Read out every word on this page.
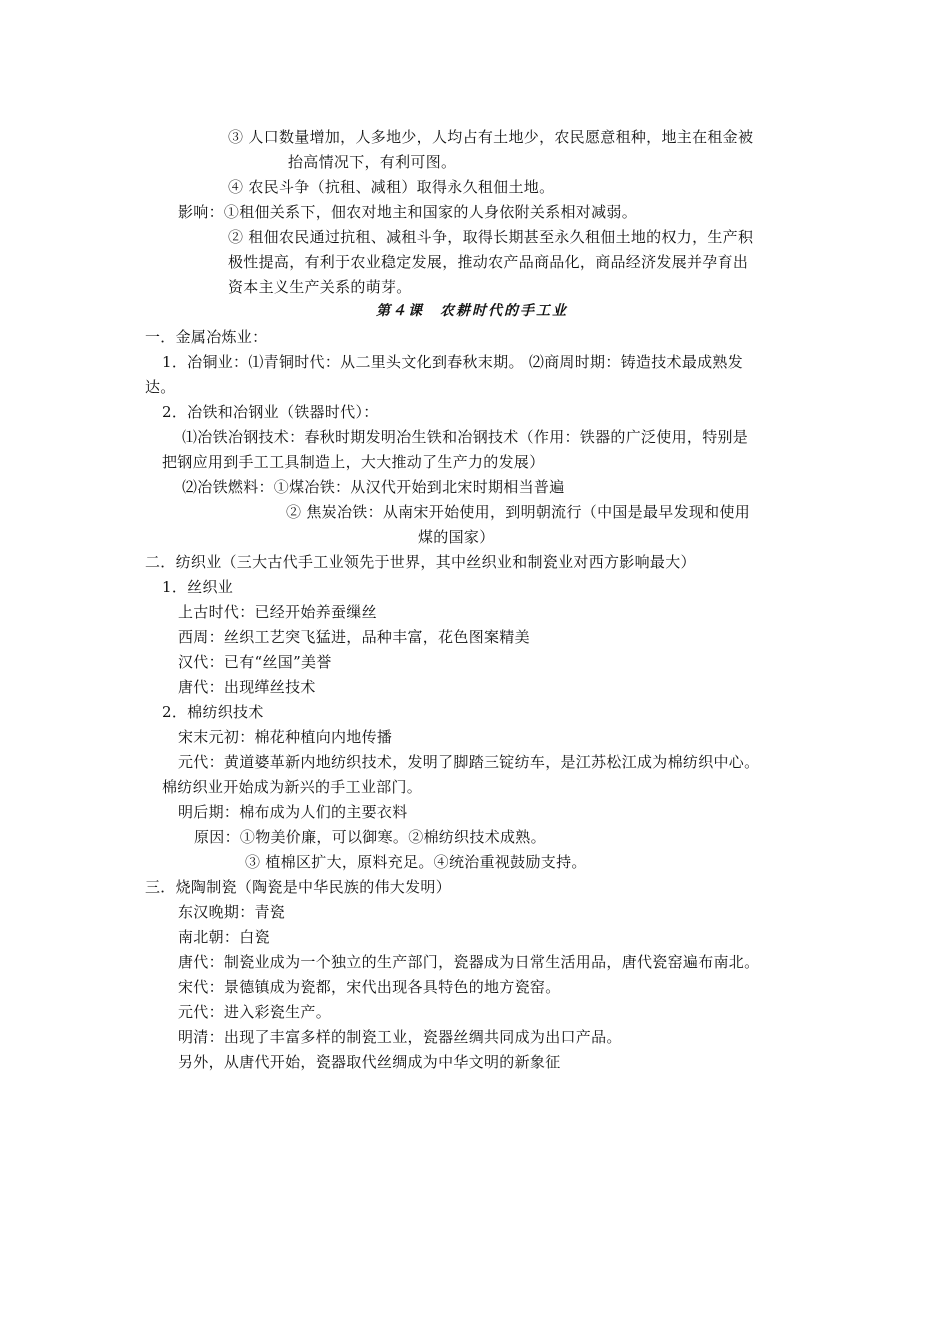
③ 人口数量增加，人多地少，人均占有土地少，农民愿意租种，地主在租金被
抬高情况下，有利可图。
④ 农民斗争（抗租、减租）取得永久租佃土地。
影响：①租佃关系下，佃农对地主和国家的人身依附关系相对减弱。
② 租佃农民通过抗租、减租斗争，取得长期甚至永久租佃土地的权力，生产积
极性提高，有利于农业稳定发展，推动农产品商品化，商品经济发展并孕育出
资本主义生产关系的萌芽。
第４课　农耕时代的手工业
一．金属冶炼业：
1．冶铜业：⑴青铜时代：从二里头文化到春秋末期。 ⑵商周时期：铸造技术最成熟发
达。
2．冶铁和冶钢业（铁器时代）：
⑴冶铁冶钢技术：春秋时期发明冶生铁和冶钢技术（作用：铁器的广泛使用，特别是
把钢应用到手工工具制造上，大大推动了生产力的发展）
⑵冶铁燃料：①煤冶铁：从汉代开始到北宋时期相当普遍
② 焦炭冶铁：从南宋开始使用，到明朝流行（中国是最早发现和使用
煤的国家）
二．纺织业（三大古代手工业领先于世界，其中丝织业和制瓷业对西方影响最大）
1．丝织业
上古时代：已经开始养蚕缫丝
西周：丝织工艺突飞猛进，品种丰富，花色图案精美
汉代：已有“丝国”美誉
唐代：出现缂丝技术
2．棉纺织技术
宋末元初：棉花种植向内地传播
元代：黄道婆革新内地纺织技术，发明了脚踏三锭纺车，是江苏松江成为棉纺织中心。
棉纺织业开始成为新兴的手工业部门。
明后期：棉布成为人们的主要衣料
原因：①物美价廉，可以御寒。②棉纺织技术成熟。
③ 植棉区扩大，原料充足。④统治重视鼓励支持。
三．烧陶制瓷（陶瓷是中华民族的伟大发明）
东汉晚期：青瓷
南北朝：白瓷
唐代：制瓷业成为一个独立的生产部门，瓷器成为日常生活用品，唐代瓷窑遍布南北。
宋代：景德镇成为瓷都，宋代出现各具特色的地方瓷窑。
元代：进入彩瓷生产。
明清：出现了丰富多样的制瓷工业，瓷器丝绸共同成为出口产品。
另外，从唐代开始，瓷器取代丝绸成为中华文明的新象征
